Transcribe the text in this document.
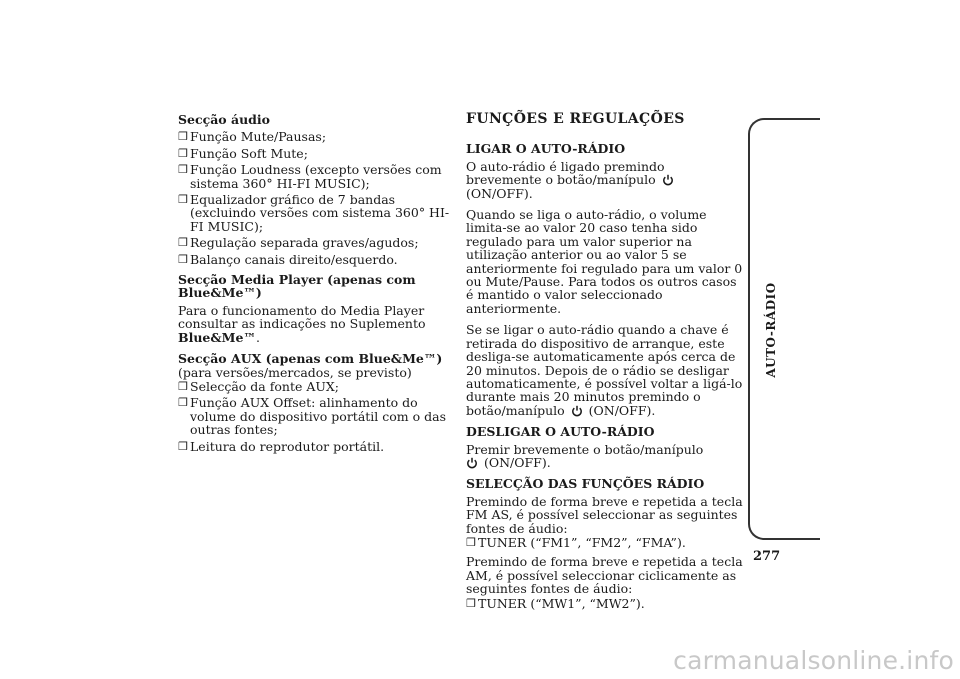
Secção áudio
❒ Função Mute/Pausas;
❒ Função Soft Mute;
❒ Função Loudness (excepto versões com sistema 360° HI-FI MUSIC);
❒ Equalizador gráfico de 7 bandas (excluindo versões com sistema 360° HI-FI MUSIC);
❒ Regulação separada graves/agudos;
❒ Balanço canais direito/esquerdo.
Secção Media Player (apenas com Blue&Me™)
Para o funcionamento do Media Player consultar as indicações no Suplemento Blue&Me™.
Secção AUX (apenas com Blue&Me™)
(para versões/mercados, se previsto)
❒ Selecção da fonte AUX;
❒ Função AUX Offset: alinhamento do volume do dispositivo portátil com o das outras fontes;
❒ Leitura do reprodutor portátil.
FUNÇÕES E REGULAÇÕES
LIGAR O AUTO-RÁDIO
O auto-rádio é ligado premindo brevemente o botão/manípulo  (ON/OFF).
Quando se liga o auto-rádio, o volume limita-se ao valor 20 caso tenha sido regulado para um valor superior na utilização anterior ou ao valor 5 se anteriormente foi regulado para um valor 0 ou Mute/Pause. Para todos os outros casos é mantido o valor seleccionado anteriormente.
Se se ligar o auto-rádio quando a chave é retirada do dispositivo de arranque, este desliga-se automaticamente após cerca de 20 minutos. Depois de o rádio se desligar automaticamente, é possível voltar a ligá-lo durante mais 20 minutos premindo o botão/manípulo (ON/OFF).
DESLIGAR O AUTO-RÁDIO
Premir brevemente o botão/manípulo
(ON/OFF).
SELECÇÃO DAS FUNÇÕES RÁDIO
Premindo de forma breve e repetida a tecla FM AS, é possível seleccionar as seguintes fontes de áudio:
❒ TUNER (“FM1”, “FM2”, “FMA”).
Premindo de forma breve e repetida a tecla AM, é possível seleccionar ciclicamente as seguintes fontes de áudio:
❒ TUNER (“MW1”, “MW2”).
AUTO-RÁDIO
277
carmanualsonline.info
